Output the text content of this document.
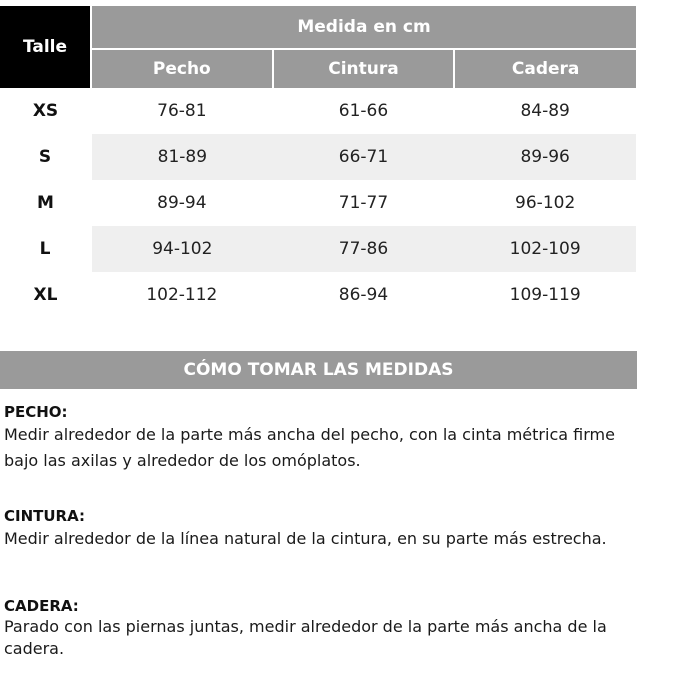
Talle	Medida en cm		
	Pecho	Cintura	Cadera
XS	76-81	61-66	84-89
S	81-89	66-71	89-96
M	89-94	71-77	96-102
L	94-102	77-86	102-109
XL	102-112	86-94	109-119
CÓMO TOMAR LAS MEDIDAS

PECHO:

Medir alrededor de la parte más ancha del pecho, con la cinta métrica firme bajo las axilas y alrededor de los omóplatos.

CINTURA:

Medir alrededor de la línea natural de la cintura, en su parte más estrecha.

CADERA:

Parado con las piernas juntas, medir alrededor de la parte más ancha de la cadera.
